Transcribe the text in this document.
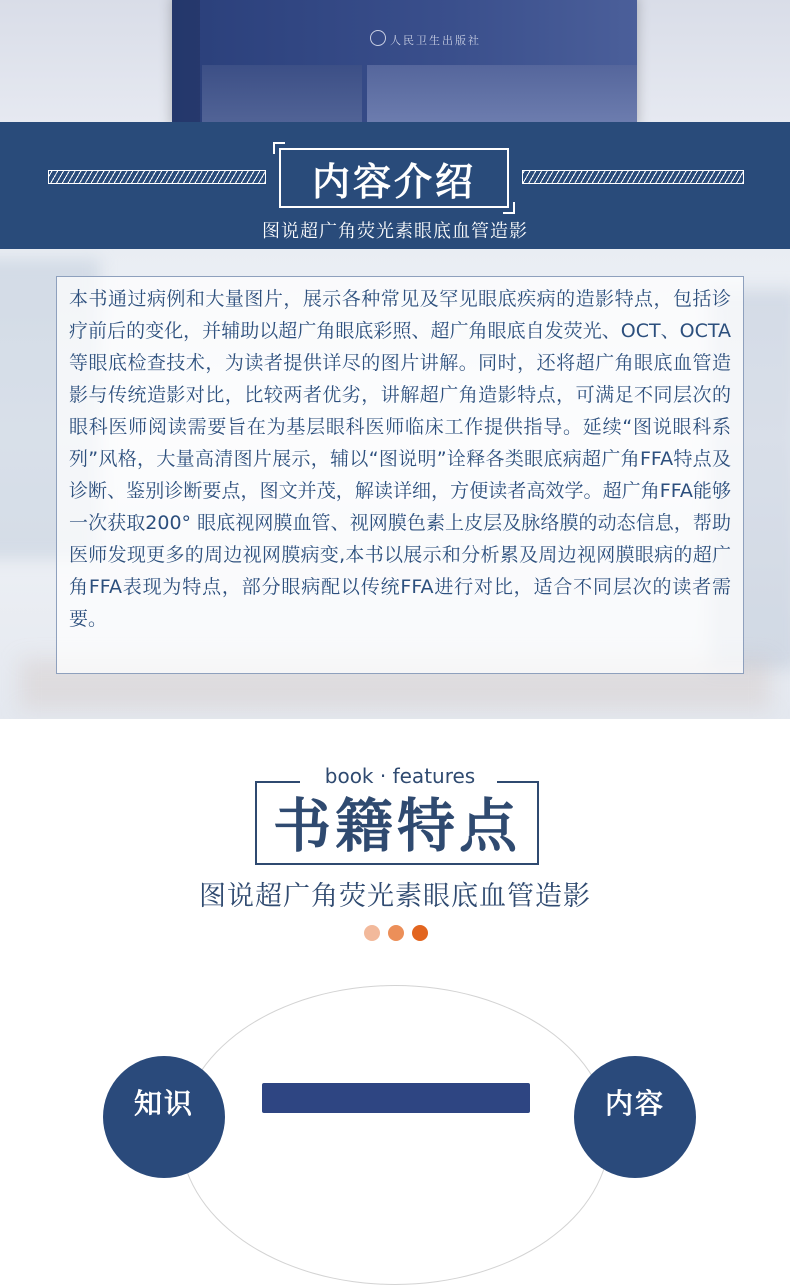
人民卫生出版社
内容介绍
图说超广角荧光素眼底血管造影

本书通过病例和大量图片，展示各种常见及罕见眼底疾病的造影特点，包括诊疗前后的变化，并辅助以超广角眼底彩照、超广角眼底自发荧光、OCT、OCTA等眼底检查技术，为读者提供详尽的图片讲解。同时，还将超广角眼底血管造影与传统造影对比，比较两者优劣，讲解超广角造影特点，可满足不同层次的眼科医师阅读需要旨在为基层眼科医师临床工作提供指导。延续“图说眼科系列”风格，大量高清图片展示，辅以“图说明”诠释各类眼底病超广角FFA特点及诊断、鉴别诊断要点，图文并茂，解读详细，方便读者高效学。超广角FFA能够一次获取200° 眼底视网膜血管、视网膜色素上皮层及脉络膜的动态信息，帮助医师发现更多的周边视网膜病变,本书以展示和分析累及周边视网膜眼病的超广角FFA表现为特点，部分眼病配以传统FFA进行对比，适合不同层次的读者需要。

book · features
书籍特点
图说超广角荧光素眼底血管造影
知识	内容
